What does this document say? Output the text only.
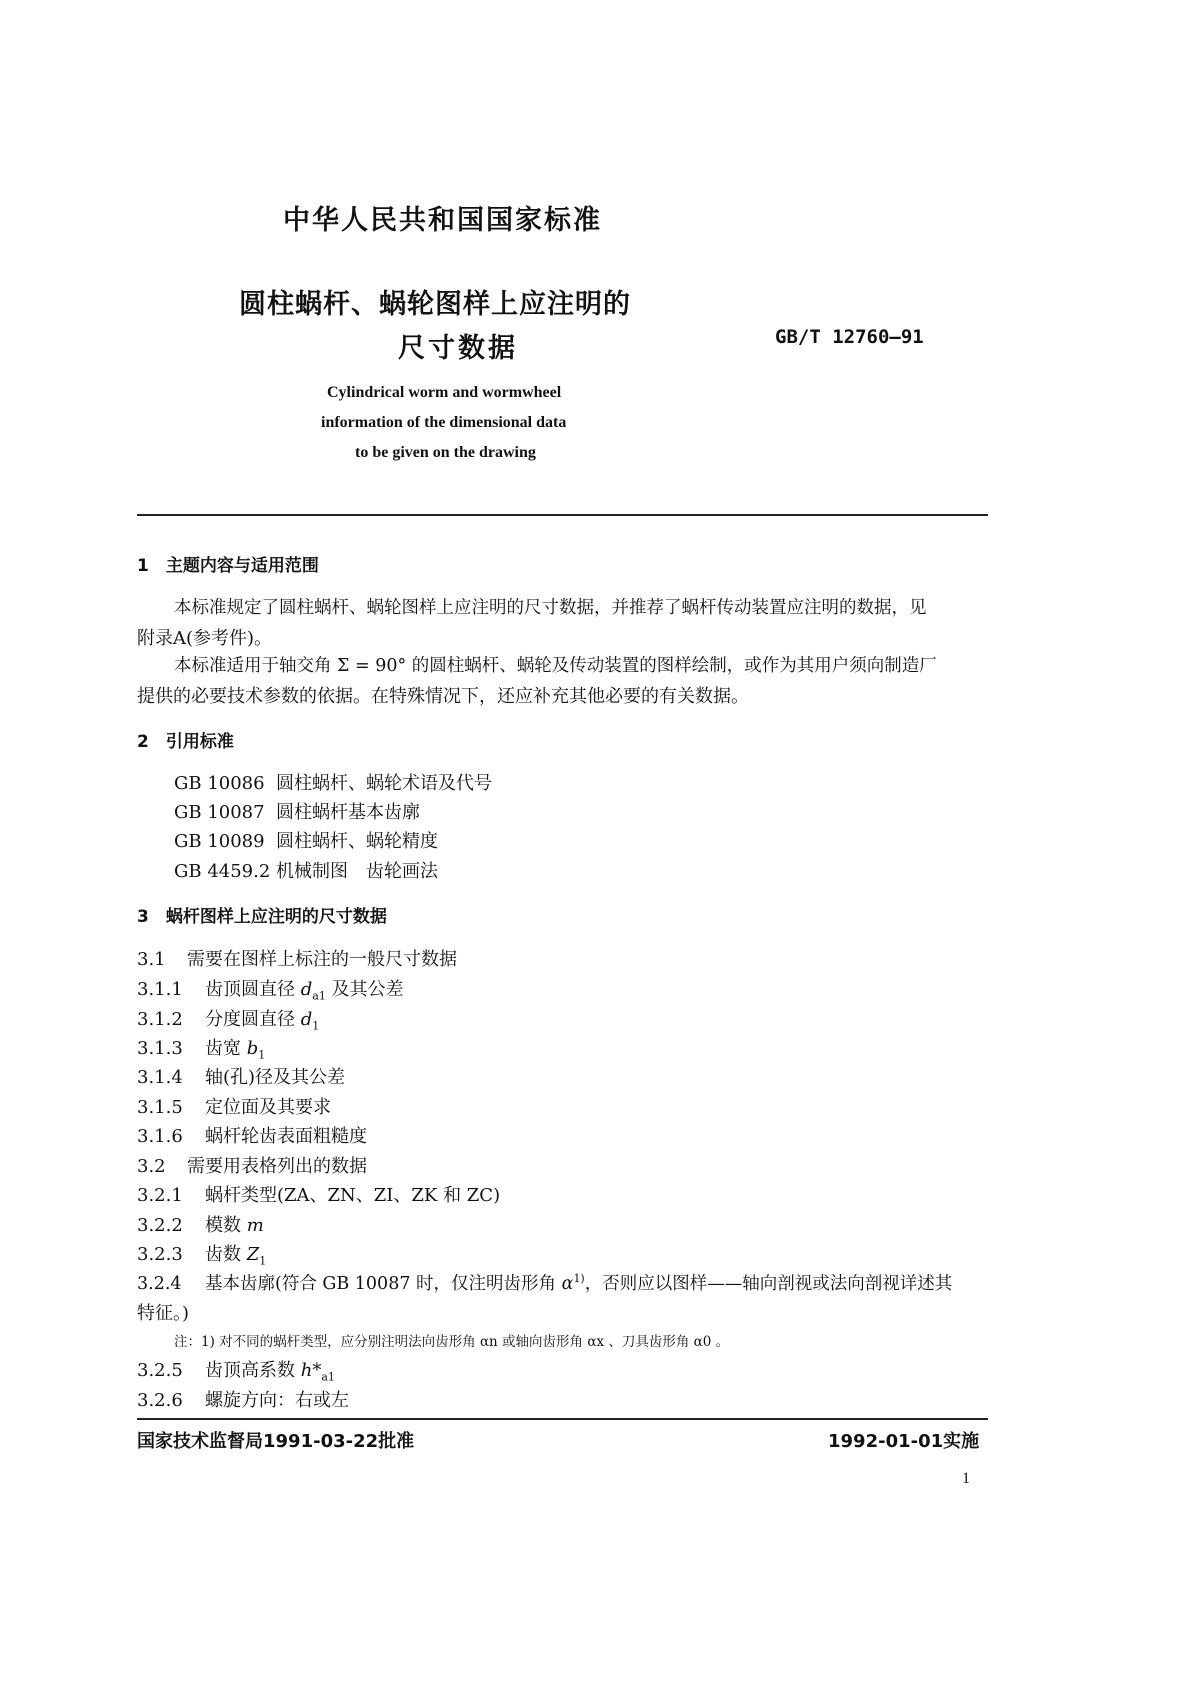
中华人民共和国国家标准
圆柱蜗杆、蜗轮图样上应注明的
尺寸数据	GB/T 12760—91
Cylindrical worm and wormwheel
information of the dimensional data
to be given on the drawing
1　主题内容与适用范围
本标准规定了圆柱蜗杆、蜗轮图样上应注明的尺寸数据，并推荐了蜗杆传动装置应注明的数据，见
附录A(参考件)。
本标准适用于轴交角 Σ = 90° 的圆柱蜗杆、蜗轮及传动装置的图样绘制，或作为其用户须向制造厂
提供的必要技术参数的依据。在特殊情况下，还应补充其他必要的有关数据。
2　引用标准
GB 10086 圆柱蜗杆、蜗轮术语及代号
GB 10087 圆柱蜗杆基本齿廓
GB 10089 圆柱蜗杆、蜗轮精度
GB 4459.2 机械制图　齿轮画法
3　蜗杆图样上应注明的尺寸数据
3.1 需要在图样上标注的一般尺寸数据
3.1.1 齿顶圆直径 $d_{a1}$ 及其公差
3.1.2 分度圆直径 $d_1$
3.1.3 齿宽 $b_1$
3.1.4 轴(孔)径及其公差
3.1.5 定位面及其要求
3.1.6 蜗杆轮齿表面粗糙度
3.2 需要用表格列出的数据
3.2.1 蜗杆类型(ZA、ZN、ZI、ZK 和 ZC)
3.2.2 模数 m
3.2.3 齿数 $Z_1$
3.2.4 基本齿廓(符合 GB 10087 时，仅注明齿形角 $\alpha^{1)}$，否则应以图样——轴向剖视或法向剖视详述其
特征。)
注：1) 对不同的蜗杆类型，应分别注明法向齿形角 αn 或轴向齿形角 αx 、刀具齿形角 α0 。
3.2.5 齿顶高系数 $h*_{a1}$
3.2.6 螺旋方向：右或左
国家技术监督局1991-03-22批准	1992-01-01实施
1
